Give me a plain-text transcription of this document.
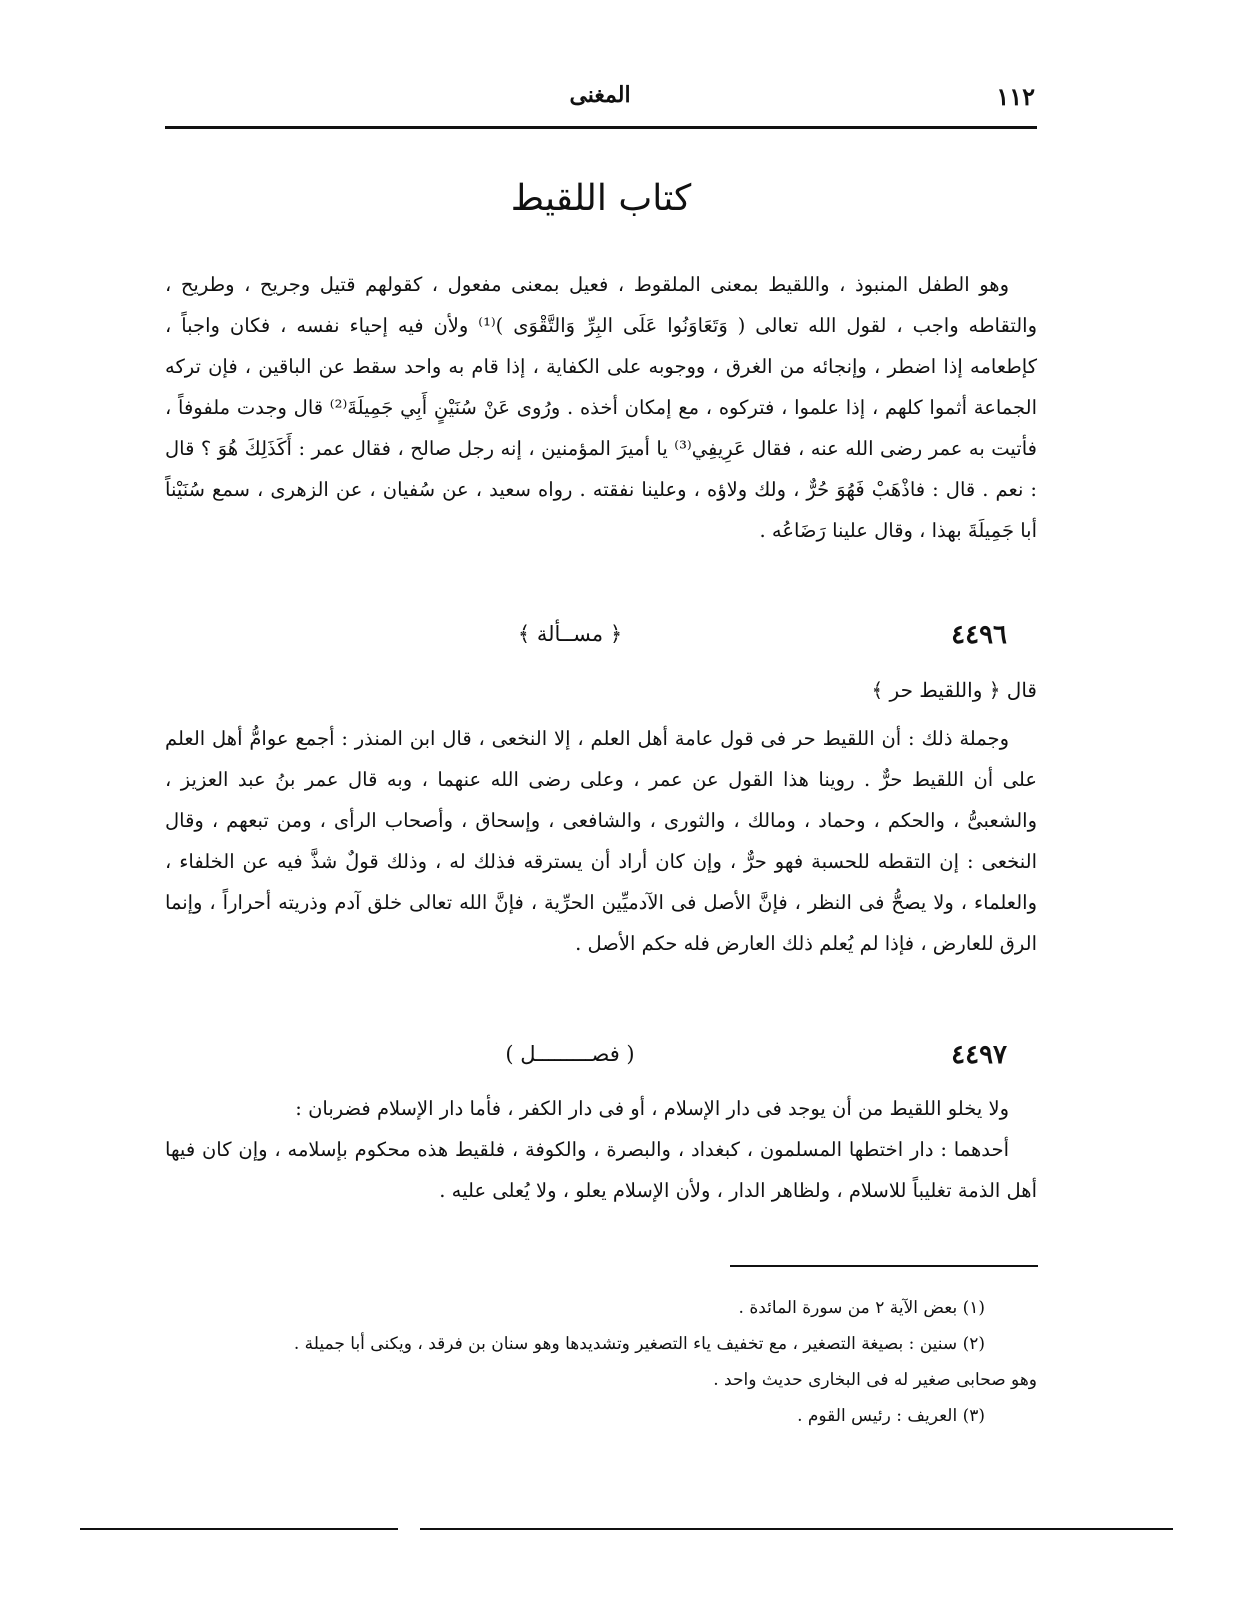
١١٢
المغنى
كتاب اللقيط

وهو الطفل المنبوذ ، واللقيط بمعنى الملقوط ، فعيل بمعنى مفعول ، كقولهم قتيل وجريح ، وطريح ، والتقاطه واجب ، لقول الله تعالى ( وَتَعَاوَنُوا عَلَى البِرِّ وَالتَّقْوَى )⁽¹⁾ ولأن فيه إحياء نفسه ، فكان واجباً ، كإطعامه إذا اضطر ، وإنجائه من الغرق ، ووجوبه على الكفاية ، إذا قام به واحد سقط عن الباقين ، فإن تركه الجماعة أثموا كلهم ، إذا علموا ، فتركوه ، مع إمكان أخذه . ورُوى عَنْ سُنَيْنٍ أَبِي جَمِيلَةَ⁽²⁾ قال وجدت ملفوفاً ، فأتيت به عمر رضى الله عنه ، فقال عَرِيفِي⁽³⁾ يا أميرَ المؤمنين ، إنه رجل صالح ، فقال عمر : أَكَذَلِكَ هُوَ ؟ قال : نعم . قال : فاذْهَبْ فَهُوَ حُرٌّ ، ولك ولاؤه ، وعلينا نفقته . رواه سعيد ، عن سُفيان ، عن الزهرى ، سمع سُنَيْناً أبا جَمِيلَةَ بهذا ، وقال علينا رَضَاعُه .

٤٤٩٦
﴿ مســألة ﴾
قال ﴿ واللقيط حر ﴾

وجملة ذلك : أن اللقيط حر فى قول عامة أهل العلم ، إلا النخعى ، قال ابن المنذر : أجمع عوامُّ أهل العلم على أن اللقيط حرٌّ . روينا هذا القول عن عمر ، وعلى رضى الله عنهما ، وبه قال عمر بنُ عبد العزيز ، والشعبىُّ ، والحكم ، وحماد ، ومالك ، والثورى ، والشافعى ، وإسحاق ، وأصحاب الرأى ، ومن تبعهم ، وقال النخعى : إن التقطه للحسبة فهو حرٌّ ، وإن كان أراد أن يسترقه فذلك له ، وذلك قولٌ شذَّ فيه عن الخلفاء ، والعلماء ، ولا يصحُّ فى النظر ، فإنَّ الأصل فى الآدميِّين الحرِّية ، فإنَّ الله تعالى خلق آدم وذريته أحراراً ، وإنما الرق للعارض ، فإذا لم يُعلم ذلك العارض فله حكم الأصل .

٤٤٩٧
( فصـــــــــل )

ولا يخلو اللقيط من أن يوجد فى دار الإسلام ، أو فى دار الكفر ، فأما دار الإسلام فضربان :

أحدهما : دار اختطها المسلمون ، كبغداد ، والبصرة ، والكوفة ، فلقيط هذه محكوم بإسلامه ، وإن كان فيها أهل الذمة تغليباً للاسلام ، ولظاهر الدار ، ولأن الإسلام يعلو ، ولا يُعلى عليه .

(١) بعض الآية ٢ من سورة المائدة .

(٢) سنين : بصيغة التصغير ، مع تخفيف ياء التصغير وتشديدها وهو سنان بن فرقد ، ويكنى أبا جميلة .

وهو صحابى صغير له فى البخارى حديث واحد .

(٣) العريف : رئيس القوم .
